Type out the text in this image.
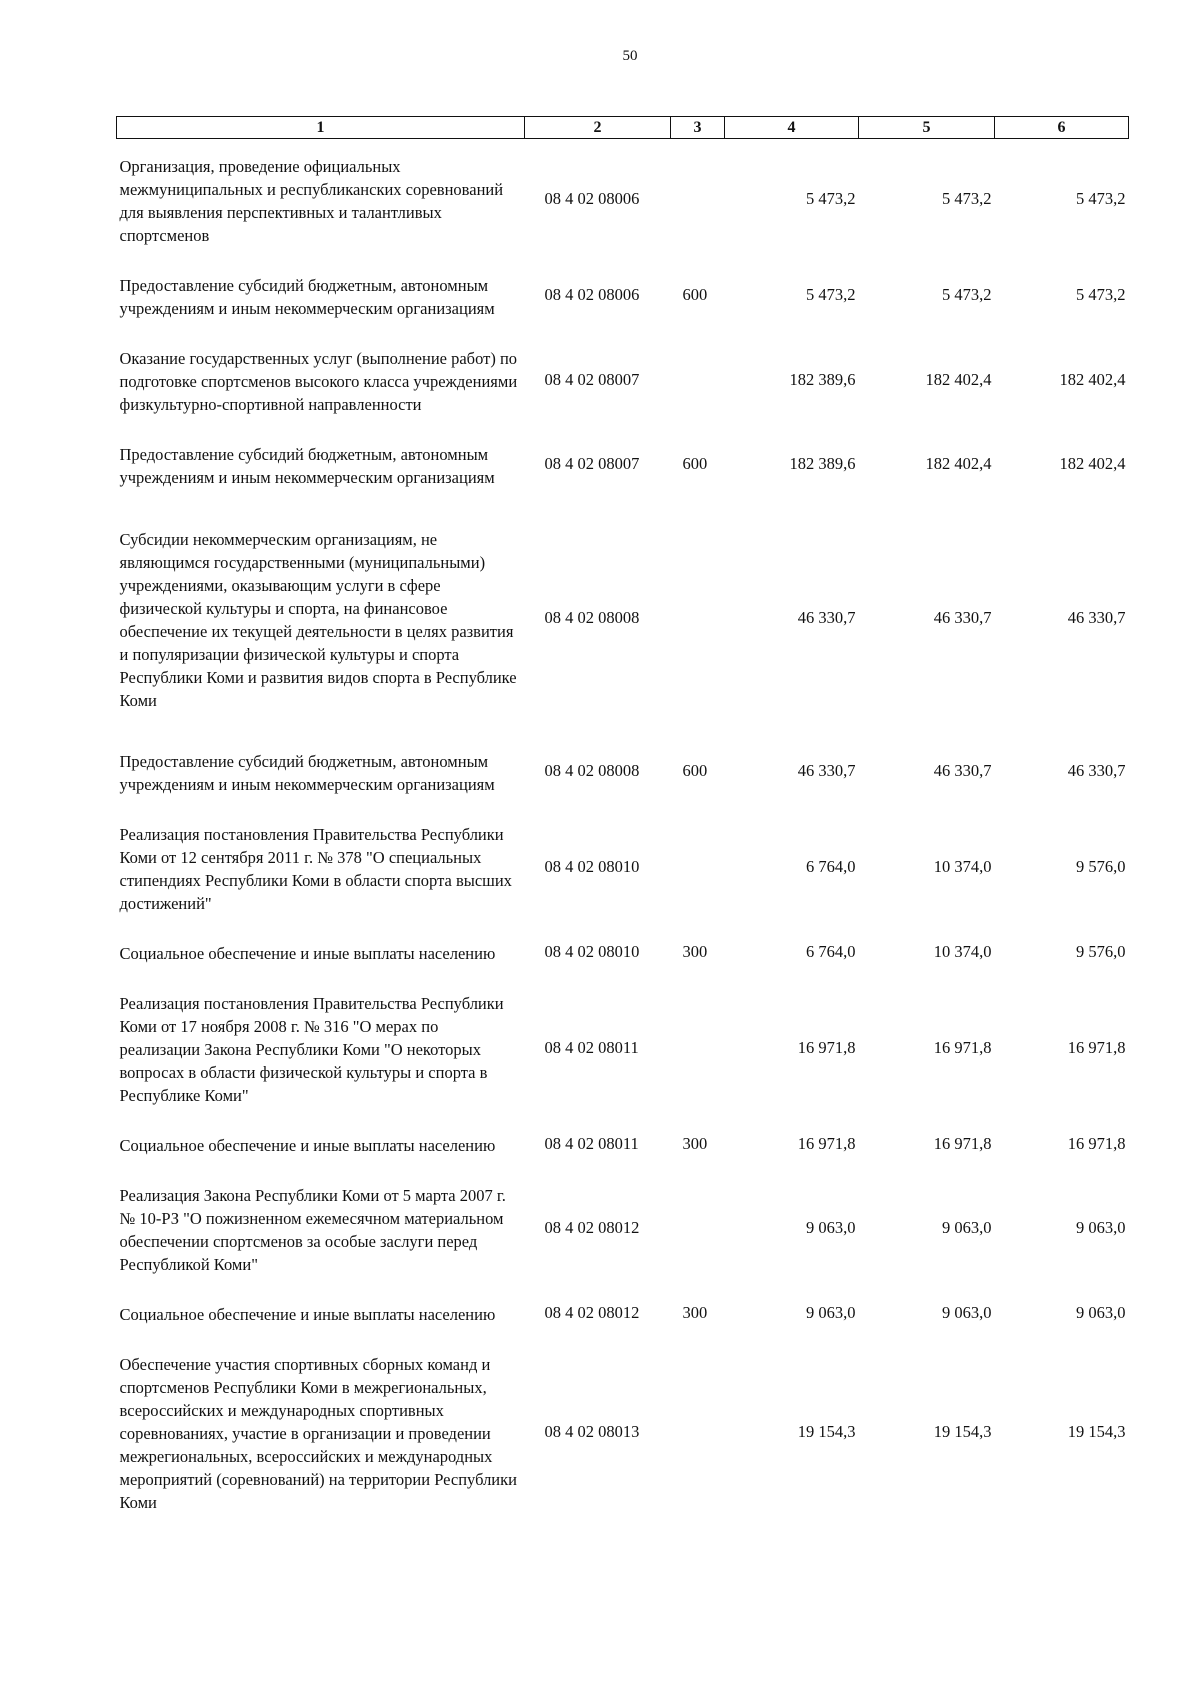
50
1	2	3	4	5	6
Организация, проведение официальных межмуниципальных и республиканских соревнований для выявления перспективных и талантливых спортсменов	08 4 02 08006		5 473,2	5 473,2	5 473,2
Предоставление субсидий бюджетным, автономным учреждениям и иным некоммерческим организациям	08 4 02 08006	600	5 473,2	5 473,2	5 473,2
Оказание государственных услуг (выполнение работ) по подготовке спортсменов высокого класса учреждениями физкультурно-спортивной направленности	08 4 02 08007		182 389,6	182 402,4	182 402,4
Предоставление субсидий бюджетным, автономным учреждениям и иным некоммерческим организациям	08 4 02 08007	600	182 389,6	182 402,4	182 402,4
Субсидии некоммерческим организациям, не являющимся государственными (муниципальными) учреждениями, оказывающим услуги в сфере физической культуры и спорта, на финансовое обеспечение их текущей деятельности в целях развития и популяризации физической культуры и спорта Республики Коми и развития видов спорта в Республике Коми	08 4 02 08008		46 330,7	46 330,7	46 330,7
Предоставление субсидий бюджетным, автономным учреждениям и иным некоммерческим организациям	08 4 02 08008	600	46 330,7	46 330,7	46 330,7
Реализация постановления Правительства Республики Коми от 12 сентября 2011 г. № 378 "О специальных стипендиях Республики Коми в области спорта высших достижений"	08 4 02 08010		6 764,0	10 374,0	9 576,0
Социальное обеспечение и иные выплаты населению	08 4 02 08010	300	6 764,0	10 374,0	9 576,0
Реализация постановления Правительства Республики Коми от 17 ноября 2008 г. № 316 "О мерах по реализации Закона Республики Коми "О некоторых вопросах в области физической культуры и спорта в Республике Коми"	08 4 02 08011		16 971,8	16 971,8	16 971,8
Социальное обеспечение и иные выплаты населению	08 4 02 08011	300	16 971,8	16 971,8	16 971,8
Реализация Закона Республики Коми от 5 марта 2007 г. № 10-РЗ "О пожизненном ежемесячном материальном обеспечении спортсменов за особые заслуги перед Республикой Коми"	08 4 02 08012		9 063,0	9 063,0	9 063,0
Социальное обеспечение и иные выплаты населению	08 4 02 08012	300	9 063,0	9 063,0	9 063,0
Обеспечение участия спортивных сборных команд и спортсменов Республики Коми в межрегиональных, всероссийских и международных спортивных соревнованиях, участие в организации и проведении межрегиональных, всероссийских и международных мероприятий (соревнований) на территории Республики Коми	08 4 02 08013		19 154,3	19 154,3	19 154,3
